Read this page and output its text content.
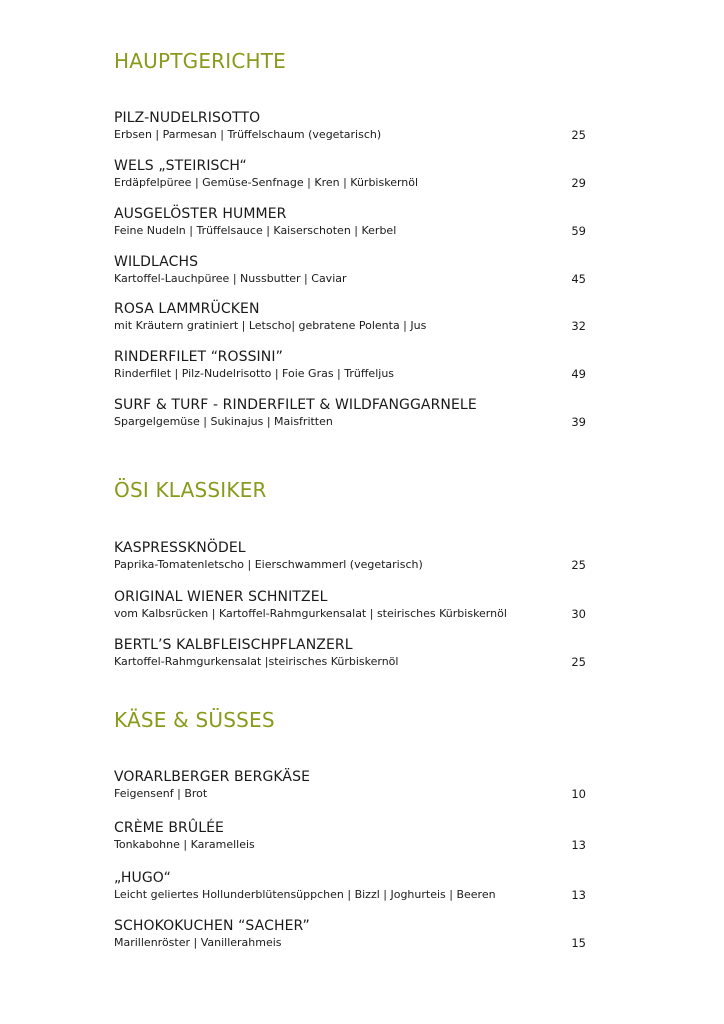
HAUPTGERICHTE
PILZ-NUDELRISOTTO
Erbsen | Parmesan | Trüffelschaum (vegetarisch)	25
WELS „STEIRISCH“
Erdäpfelpüree | Gemüse-Senfnage | Kren | Kürbiskernöl	29
AUSGELÖSTER HUMMER
Feine Nudeln | Trüffelsauce | Kaiserschoten | Kerbel	59
WILDLACHS
Kartoffel-Lauchpüree | Nussbutter | Caviar	45
ROSA LAMMRÜCKEN
mit Kräutern gratiniert | Letscho| gebratene Polenta | Jus	32
RINDERFILET “ROSSINI”
Rinderfilet | Pilz-Nudelrisotto | Foie Gras | Trüffeljus	49
SURF & TURF - RINDERFILET & WILDFANGGARNELE
Spargelgemüse | Sukinajus | Maisfritten	39
ÖSI KLASSIKER
KASPRESSKNÖDEL
Paprika-Tomatenletscho | Eierschwammerl (vegetarisch)	25
ORIGINAL WIENER SCHNITZEL
vom Kalbsrücken | Kartoffel-Rahmgurkensalat | steirisches Kürbiskernöl	30
BERTL’S KALBFLEISCHPFLANZERL
Kartoffel-Rahmgurkensalat |steirisches Kürbiskernöl	25
KÄSE & SÜSSES
VORARLBERGER BERGKÄSE
Feigensenf | Brot	10
CRÈME BRÛLÉE
Tonkabohne | Karamelleis	13
„HUGO“
Leicht geliertes Hollunderblütensüppchen | Bizzl | Joghurteis | Beeren	13
SCHOKOKUCHEN “SACHER”
Marillenröster | Vanillerahmeis	15
